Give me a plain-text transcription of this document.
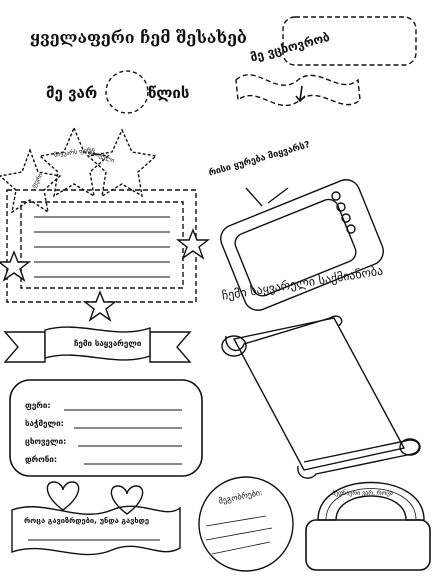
ყველაფერი ჩემ შესახებ
მე ვარ	წლის
მე ვცხოვრობ
ფერი
მიყვარს ფერი
ცხოველი	რისი ყურება მიყვარს?
ჩემი საყვარელი საქმიანობა
ჩემი საყვარელი
ფერი:
საჭმელი:
ცხოველი:
დრონი:
როცა გავიზრდები, უნდა გავხდე
მეგობრები:	ბედნიერი ვარ, როცა
